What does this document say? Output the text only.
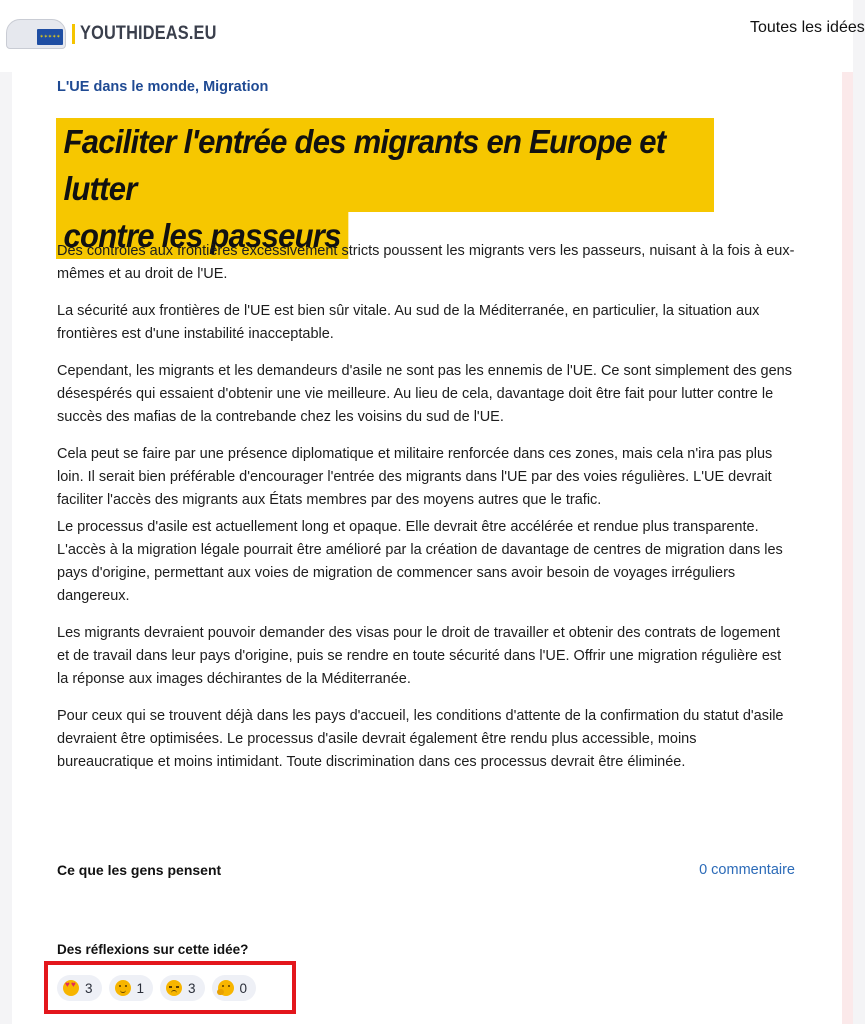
✶✶✶✶✶ YOUTHIDEAS.EU	Toutes les idées
L'UE dans le monde, Migration
Faciliter l'entrée des migrants en Europe et lutter
contre les passeurs

Des contrôles aux frontières excessivement stricts poussent les migrants vers les passeurs, nuisant à la fois à eux-mêmes et au droit de l'UE.

La sécurité aux frontières de l'UE est bien sûr vitale. Au sud de la Méditerranée, en particulier, la situation aux frontières est d'une instabilité inacceptable.

Cependant, les migrants et les demandeurs d'asile ne sont pas les ennemis de l'UE. Ce sont simplement des gens désespérés qui essaient d'obtenir une vie meilleure. Au lieu de cela, davantage doit être fait pour lutter contre le succès des mafias de la contrebande chez les voisins du sud de l'UE.

Cela peut se faire par une présence diplomatique et militaire renforcée dans ces zones, mais cela n'ira pas plus loin. Il serait bien préférable d'encourager l'entrée des migrants dans l'UE par des voies régulières. L'UE devrait faciliter l'accès des migrants aux États membres par des moyens autres que le trafic.

Le processus d'asile est actuellement long et opaque. Elle devrait être accélérée et rendue plus transparente. L'accès à la migration légale pourrait être amélioré par la création de davantage de centres de migration dans les pays d'origine, permettant aux voies de migration de commencer sans avoir besoin de voyages irréguliers dangereux.

Les migrants devraient pouvoir demander des visas pour le droit de travailler et obtenir des contrats de logement et de travail dans leur pays d'origine, puis se rendre en toute sécurité dans l'UE. Offrir une migration régulière est la réponse aux images déchirantes de la Méditerranée.

Pour ceux qui se trouvent déjà dans les pays d'accueil, les conditions d'attente de la confirmation du statut d'asile devraient être optimisées. Le processus d'asile devrait également être rendu plus accessible, moins bureaucratique et moins intimidant. Toute discrimination dans ces processus devrait être éliminée.

Ce que les gens pensent	0 commentaire
Des réflexions sur cette idée?
♥ ♥
3	1	3	0
